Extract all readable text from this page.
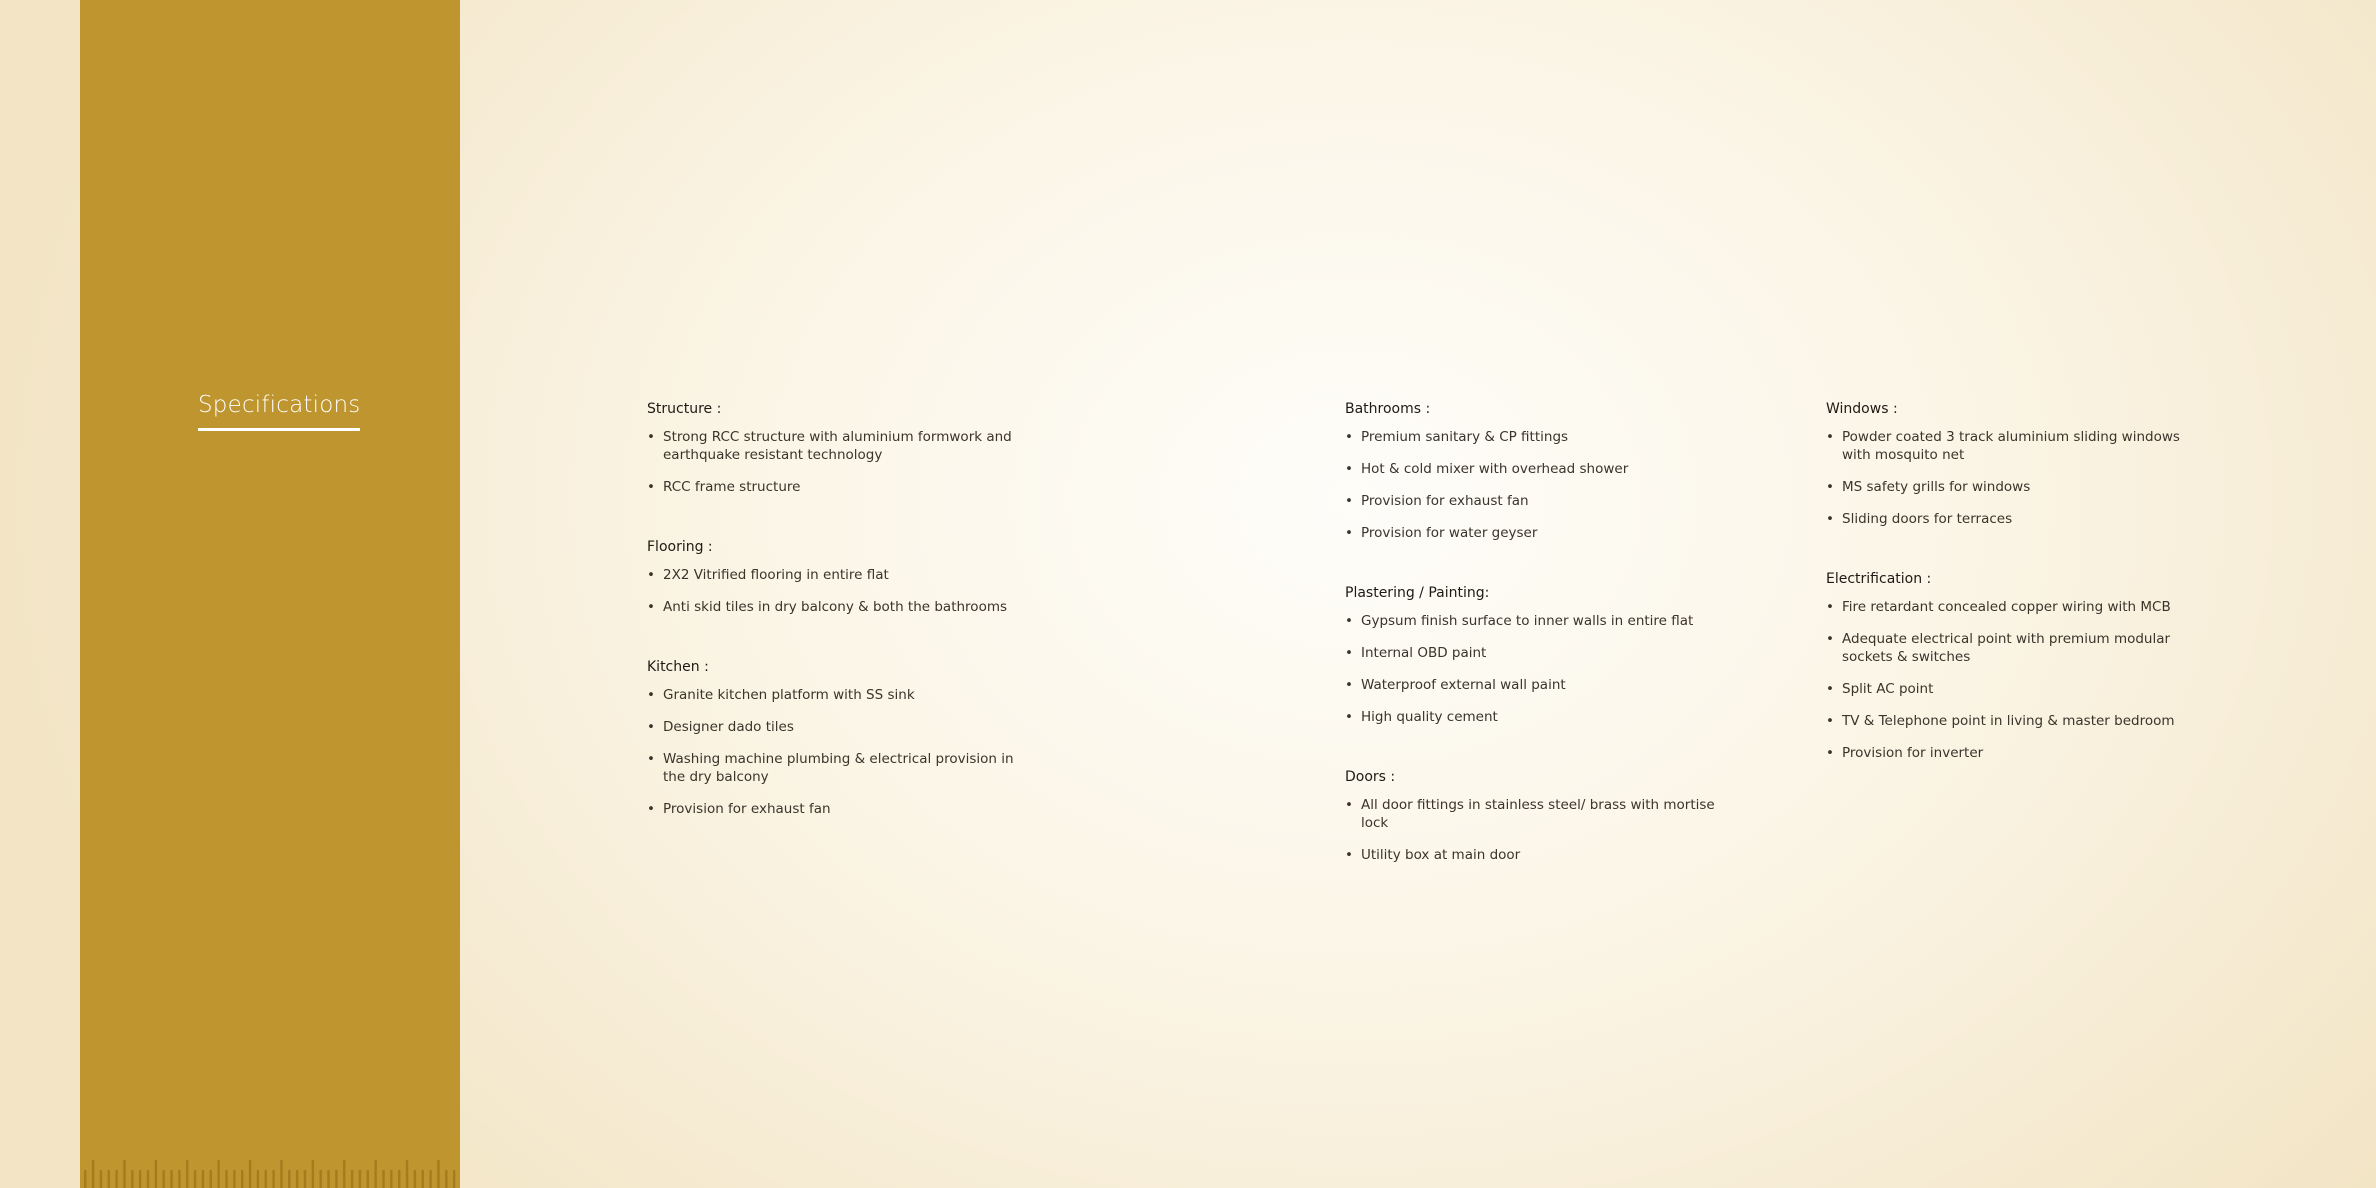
Specifications	Structure :
• Strong RCC structure with aluminium formwork and earthquake resistant technology
• RCC frame structure
Flooring :
• 2X2 Vitrified flooring in entire flat
• Anti skid tiles in dry balcony & both the bathrooms
Kitchen :
• Granite kitchen platform with SS sink
• Designer dado tiles
• Washing machine plumbing & electrical provision in the dry balcony
• Provision for exhaust fan
Bathrooms :
• Premium sanitary & CP fittings
• Hot & cold mixer with overhead shower
• Provision for exhaust fan
• Provision for water geyser
Plastering / Painting:
• Gypsum finish surface to inner walls in entire flat
• Internal OBD paint
• Waterproof external wall paint
• High quality cement
Doors :
• All door fittings in stainless steel/ brass with mortise lock
• Utility box at main door
Windows :
• Powder coated 3 track aluminium sliding windows with mosquito net
• MS safety grills for windows
• Sliding doors for terraces
Electrification :
• Fire retardant concealed copper wiring with MCB
• Adequate electrical point with premium modular sockets & switches
• Split AC point
• TV & Telephone point in living & master bedroom
• Provision for inverter
